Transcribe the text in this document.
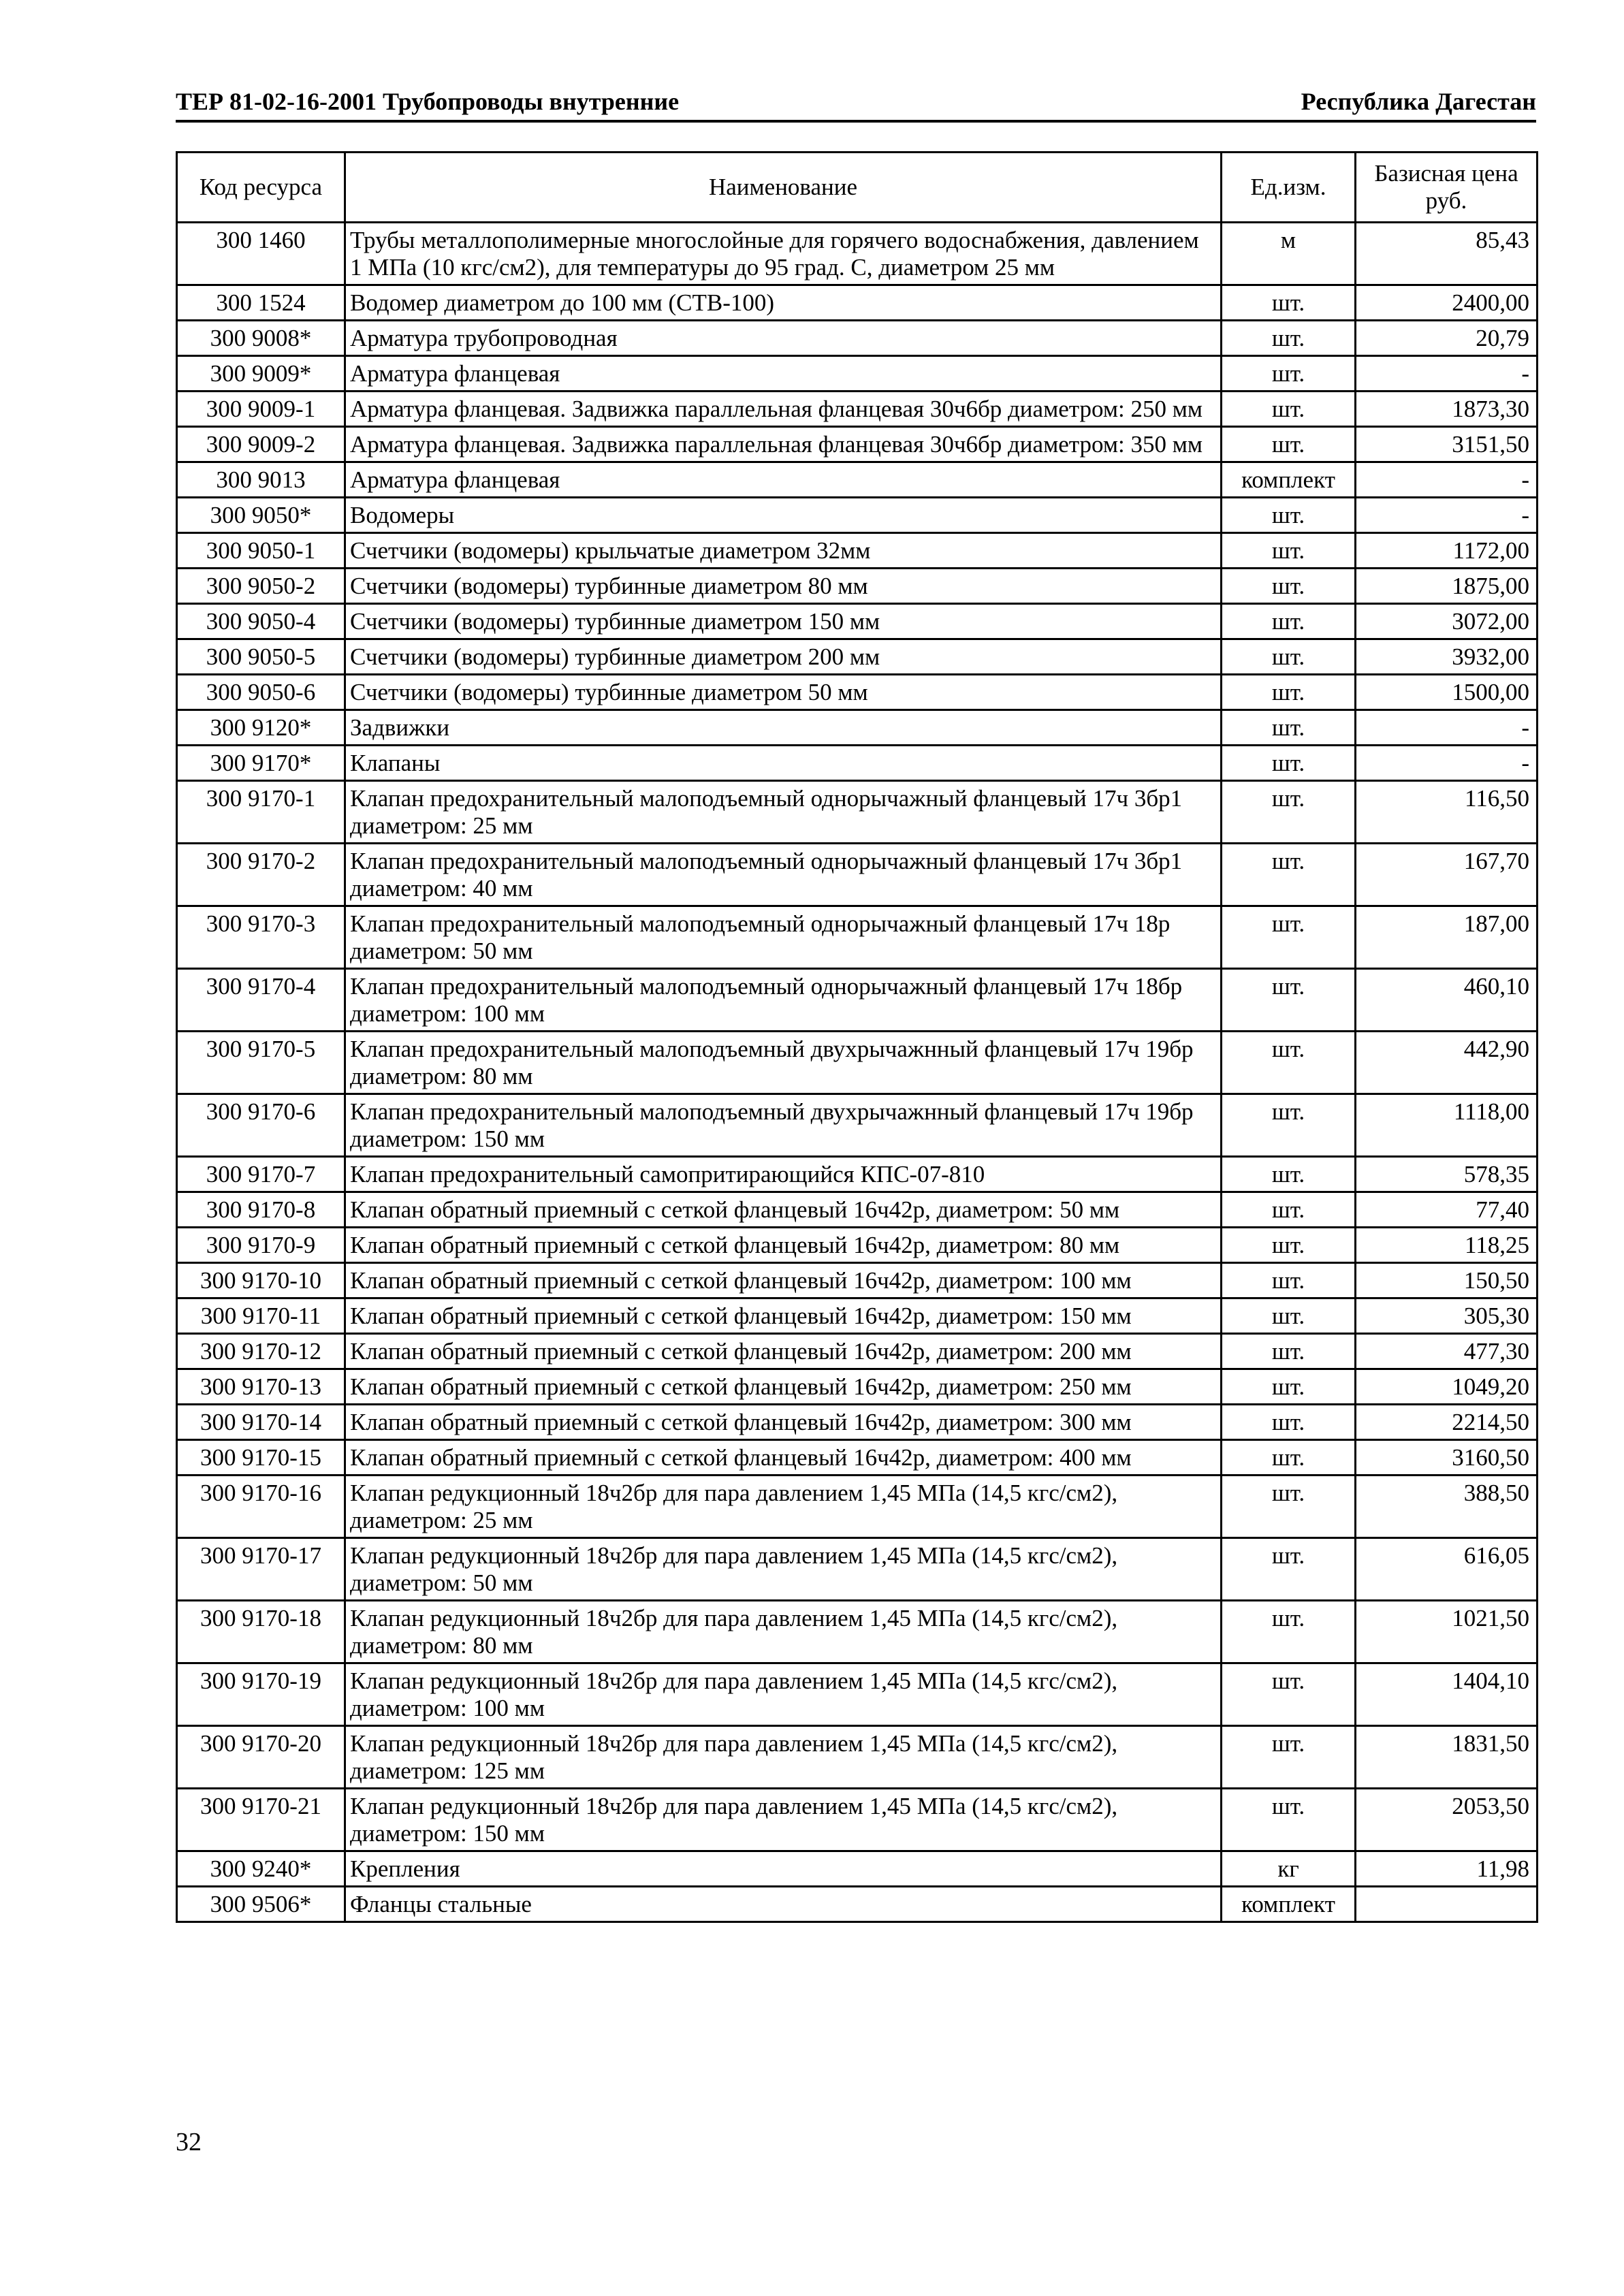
ТЕР 81-02-16-2001 Трубопроводы внутренние	Республика Дагестан
Код ресурса	Наименование	Ед.изм.	Базисная цена руб.
300 1460	Трубы металлополимерные многослойные для горячего водоснабжения, давлением 1 МПа (10 кгс/см2), для температуры до 95 град. С, диаметром 25 мм	м	85,43
300 1524	Водомер диаметром до 100 мм (СТВ-100)	шт.	2400,00
300 9008*	Арматура трубопроводная	шт.	20,79
300 9009*	Арматура фланцевая	шт.	-
300 9009-1	Арматура фланцевая. Задвижка параллельная фланцевая 30ч6бр диаметром: 250 мм	шт.	1873,30
300 9009-2	Арматура фланцевая. Задвижка параллельная фланцевая 30ч6бр диаметром: 350 мм	шт.	3151,50
300 9013	Арматура фланцевая	комплект	-
300 9050*	Водомеры	шт.	-
300 9050-1	Счетчики (водомеры) крыльчатые диаметром 32мм	шт.	1172,00
300 9050-2	Счетчики (водомеры) турбинные диаметром 80 мм	шт.	1875,00
300 9050-4	Счетчики (водомеры) турбинные диаметром 150 мм	шт.	3072,00
300 9050-5	Счетчики (водомеры) турбинные диаметром 200 мм	шт.	3932,00
300 9050-6	Счетчики (водомеры) турбинные диаметром 50 мм	шт.	1500,00
300 9120*	Задвижки	шт.	-
300 9170*	Клапаны	шт.	-
300 9170-1	Клапан предохранительный малоподъемный однорычажный фланцевый 17ч 3бр1 диаметром: 25 мм	шт.	116,50
300 9170-2	Клапан предохранительный малоподъемный однорычажный фланцевый 17ч 3бр1 диаметром: 40 мм	шт.	167,70
300 9170-3	Клапан предохранительный малоподъемный однорычажный фланцевый 17ч 18р диаметром: 50 мм	шт.	187,00
300 9170-4	Клапан предохранительный малоподъемный однорычажный фланцевый 17ч 18бр диаметром: 100 мм	шт.	460,10
300 9170-5	Клапан предохранительный малоподъемный двухрычажнный фланцевый 17ч 19бр диаметром: 80 мм	шт.	442,90
300 9170-6	Клапан предохранительный малоподъемный двухрычажнный фланцевый 17ч 19бр диаметром: 150 мм	шт.	1118,00
300 9170-7	Клапан предохранительный самопритирающийся КПС-07-810	шт.	578,35
300 9170-8	Клапан обратный приемный с сеткой фланцевый 16ч42р, диаметром: 50 мм	шт.	77,40
300 9170-9	Клапан обратный приемный с сеткой фланцевый 16ч42р, диаметром: 80 мм	шт.	118,25
300 9170-10	Клапан обратный приемный с сеткой фланцевый 16ч42р, диаметром: 100 мм	шт.	150,50
300 9170-11	Клапан обратный приемный с сеткой фланцевый 16ч42р, диаметром: 150 мм	шт.	305,30
300 9170-12	Клапан обратный приемный с сеткой фланцевый 16ч42р, диаметром: 200 мм	шт.	477,30
300 9170-13	Клапан обратный приемный с сеткой фланцевый 16ч42р, диаметром: 250 мм	шт.	1049,20
300 9170-14	Клапан обратный приемный с сеткой фланцевый 16ч42р, диаметром: 300 мм	шт.	2214,50
300 9170-15	Клапан обратный приемный с сеткой фланцевый 16ч42р, диаметром: 400 мм	шт.	3160,50
300 9170-16	Клапан редукционный 18ч2бр для пара давлением 1,45 МПа (14,5 кгс/см2), диаметром: 25 мм	шт.	388,50
300 9170-17	Клапан редукционный 18ч2бр для пара давлением 1,45 МПа (14,5 кгс/см2), диаметром: 50 мм	шт.	616,05
300 9170-18	Клапан редукционный 18ч2бр для пара давлением 1,45 МПа (14,5 кгс/см2), диаметром: 80 мм	шт.	1021,50
300 9170-19	Клапан редукционный 18ч2бр для пара давлением 1,45 МПа (14,5 кгс/см2), диаметром: 100 мм	шт.	1404,10
300 9170-20	Клапан редукционный 18ч2бр для пара давлением 1,45 МПа (14,5 кгс/см2), диаметром: 125 мм	шт.	1831,50
300 9170-21	Клапан редукционный 18ч2бр для пара давлением 1,45 МПа (14,5 кгс/см2), диаметром: 150 мм	шт.	2053,50
300 9240*	Крепления	кг	11,98
300 9506*	Фланцы стальные	комплект	
32
